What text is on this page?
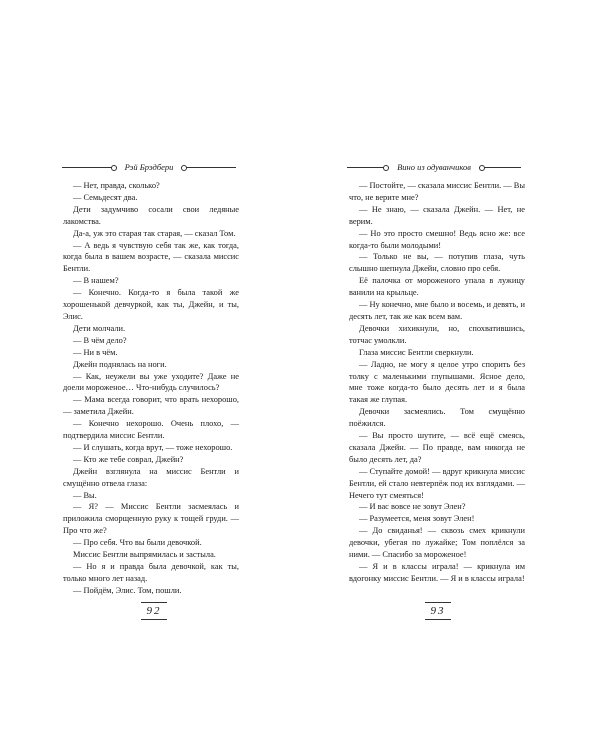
Рэй Брэдбери

— Нет, правда, сколько?

— Семьдесят два.

Дети задумчиво сосали свои ледяные лакомства.

Да-а, уж это старая так старая, — сказал Том.

— А ведь я чувствую себя так же, как тогда, когда была в вашем возрасте, — сказала миссис Бентли.

— В нашем?

— Конечно. Когда-то я была такой же хорошенькой девчуркой, как ты, Джейн, и ты, Элис.

Дети молчали.

— В чём дело?

— Ни в чём.

Джейн поднялась на ноги.

— Как, неужели вы уже уходите? Даже не доели мороженое… Что-нибудь случилось?

— Мама всегда говорит, что врать нехорошо, — заметила Джейн.

— Конечно нехорошо. Очень плохо, — подтвердила миссис Бентли.

— И слушать, когда врут, — тоже нехорошо.

— Кто же тебе соврал, Джейн?

Джейн взглянула на миссис Бентли и смущённо отвела глаза:

— Вы.

— Я? — Миссис Бентли засмеялась и приложила сморщенную руку к тощей груди. — Про что же?

— Про себя. Что вы были девочкой.

Миссис Бентли выпрямилась и застыла.

— Но я и правда была девочкой, как ты, только много лет назад.

— Пойдём, Элис. Том, пошли.

92
Вино из одуванчиков

— Постойте, — сказала миссис Бентли. — Вы что, не верите мне?

— Не знаю, — сказала Джейн. — Нет, не верим.

— Но это просто смешно! Ведь ясно же: все когда-то были молодыми!

— Только не вы, — потупив глаза, чуть слышно шепнула Джейн, словно про себя.

Её палочка от мороженого упала в лужицу ванили на крыльце.

— Ну конечно, мне было и восемь, и девять, и десять лет, так же как всем вам.

Девочки хихикнули, но, спохватившись, тотчас умолкли.

Глаза миссис Бентли сверкнули.

— Ладно, не могу я целое утро спорить без толку с маленькими глупышами. Ясное дело, мне тоже когда-то было десять лет и я была такая же глупая.

Девочки засмеялись. Том смущённо поёжился.

— Вы просто шутите, — всё ещё смеясь, сказала Джейн. — По правде, вам никогда не было десять лет, да?

— Ступайте домой! — вдруг крикнула миссис Бентли, ей стало невтерпёж под их взглядами. — Нечего тут смеяться!

— И вас вовсе не зовут Элен?

— Разумеется, меня зовут Элен!

— До свиданья! — сквозь смех крикнули девочки, убегая по лужайке; Том поплёлся за ними. — Спасибо за мороженое!

— Я и в классы играла! — крикнула им вдогонку миссис Бентли. — Я и в классы играла!

93
